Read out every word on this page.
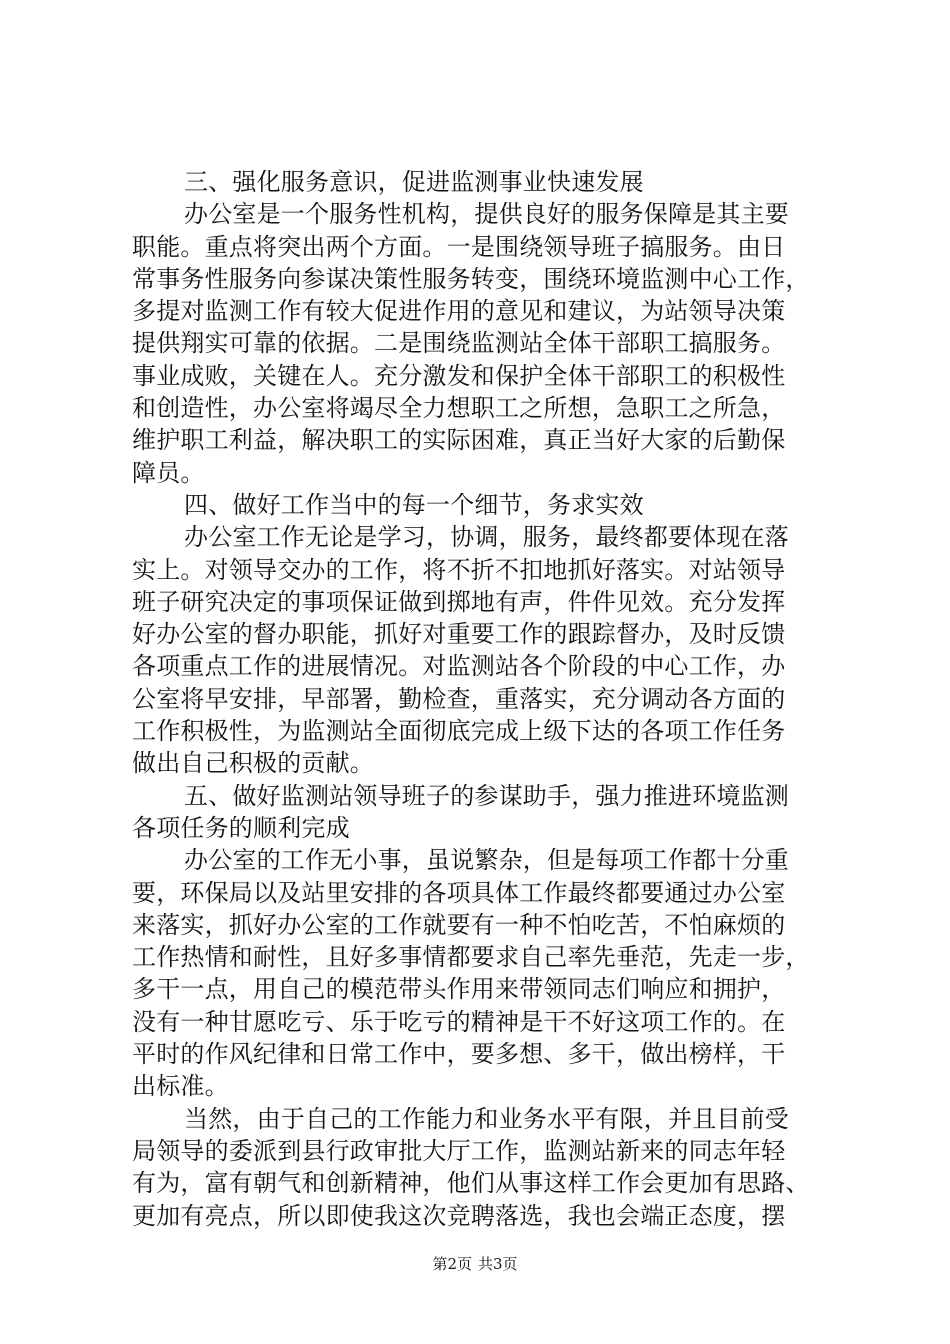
三、强化服务意识，促进监测事业快速发展
办公室是一个服务性机构，提供良好的服务保障是其主要
职能。重点将突出两个方面。一是围绕领导班子搞服务。由日
常事务性服务向参谋决策性服务转变，围绕环境监测中心工作，
多提对监测工作有较大促进作用的意见和建议，为站领导决策
提供翔实可靠的依据。二是围绕监测站全体干部职工搞服务。
事业成败，关键在人。充分激发和保护全体干部职工的积极性
和创造性，办公室将竭尽全力想职工之所想，急职工之所急，
维护职工利益，解决职工的实际困难，真正当好大家的后勤保
障员。
四、做好工作当中的每一个细节，务求实效
办公室工作无论是学习，协调，服务，最终都要体现在落
实上。对领导交办的工作，将不折不扣地抓好落实。对站领导
班子研究决定的事项保证做到掷地有声，件件见效。充分发挥
好办公室的督办职能，抓好对重要工作的跟踪督办，及时反馈
各项重点工作的进展情况。对监测站各个阶段的中心工作，办
公室将早安排，早部署，勤检查，重落实，充分调动各方面的
工作积极性，为监测站全面彻底完成上级下达的各项工作任务
做出自己积极的贡献。
五、做好监测站领导班子的参谋助手，强力推进环境监测
各项任务的顺利完成
办公室的工作无小事，虽说繁杂，但是每项工作都十分重
要，环保局以及站里安排的各项具体工作最终都要通过办公室
来落实，抓好办公室的工作就要有一种不怕吃苦，不怕麻烦的
工作热情和耐性，且好多事情都要求自己率先垂范，先走一步，
多干一点，用自己的模范带头作用来带领同志们响应和拥护，
没有一种甘愿吃亏、乐于吃亏的精神是干不好这项工作的。在
平时的作风纪律和日常工作中，要多想、多干，做出榜样，干
出标准。
当然，由于自己的工作能力和业务水平有限，并且目前受
局领导的委派到县行政审批大厅工作，监测站新来的同志年轻
有为，富有朝气和创新精神，他们从事这样工作会更加有思路、
更加有亮点，所以即使我这次竞聘落选，我也会端正态度，摆
第2页 共3页
